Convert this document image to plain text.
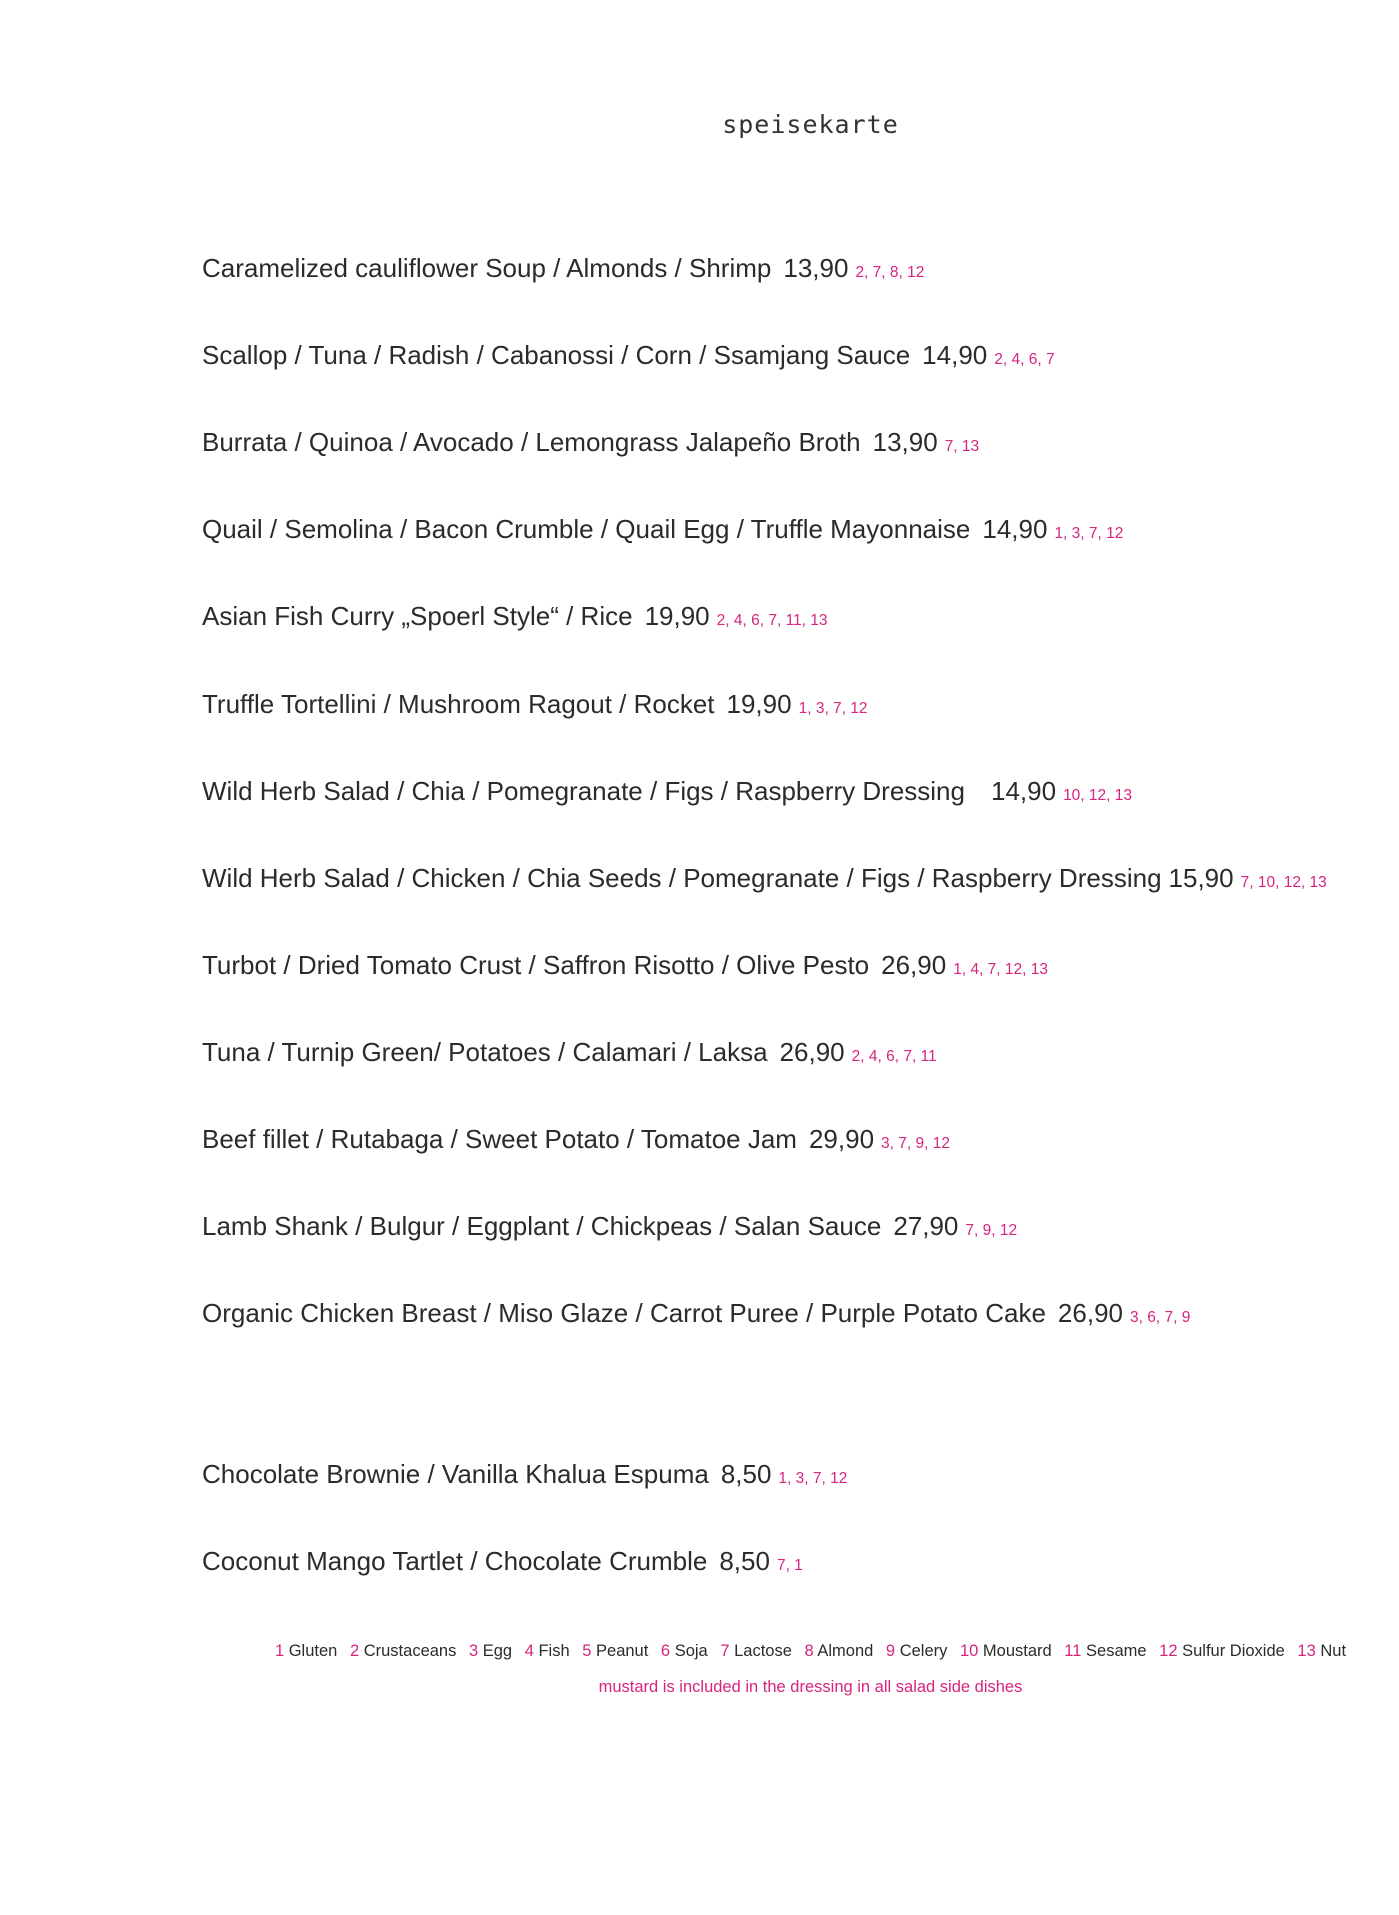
speisekarte
Caramelized cauliflower Soup / Almonds / Shrimp 13,90 2, 7, 8, 12
Scallop / Tuna / Radish / Cabanossi / Corn / Ssamjang Sauce 14,90 2, 4, 6, 7
Burrata / Quinoa / Avocado / Lemongrass Jalapeño Broth 13,90 7, 13
Quail / Semolina / Bacon Crumble / Quail Egg / Truffle Mayonnaise 14,90 1, 3, 7, 12
Asian Fish Curry „Spoerl Style“ / Rice 19,90 2, 4, 6, 7, 11, 13
Truffle Tortellini / Mushroom Ragout / Rocket 19,90 1, 3, 7, 12
Wild Herb Salad / Chia / Pomegranate / Figs / Raspberry Dressing 14,90 10, 12, 13
Wild Herb Salad / Chicken / Chia Seeds / Pomegranate / Figs / Raspberry Dressing 15,90 7, 10, 12, 13
Turbot / Dried Tomato Crust / Saffron Risotto / Olive Pesto 26,90 1, 4, 7, 12, 13
Tuna / Turnip Green/ Potatoes / Calamari / Laksa 26,90 2, 4, 6, 7, 11
Beef fillet / Rutabaga / Sweet Potato / Tomatoe Jam 29,90 3, 7, 9, 12
Lamb Shank / Bulgur / Eggplant / Chickpeas / Salan Sauce 27,90 7, 9, 12
Organic Chicken Breast / Miso Glaze / Carrot Puree / Purple Potato Cake 26,90 3, 6, 7, 9
Chocolate Brownie / Vanilla Khalua Espuma 8,50 1, 3, 7, 12
Coconut Mango Tartlet / Chocolate Crumble 8,50 7, 1
1 Gluten 2 Crustaceans 3 Egg 4 Fish 5 Peanut 6 Soja 7 Lactose 8 Almond 9 Celery 10 Moustard 11 Sesame 12 Sulfur Dioxide 13 Nut
mustard is included in the dressing in all salad side dishes
